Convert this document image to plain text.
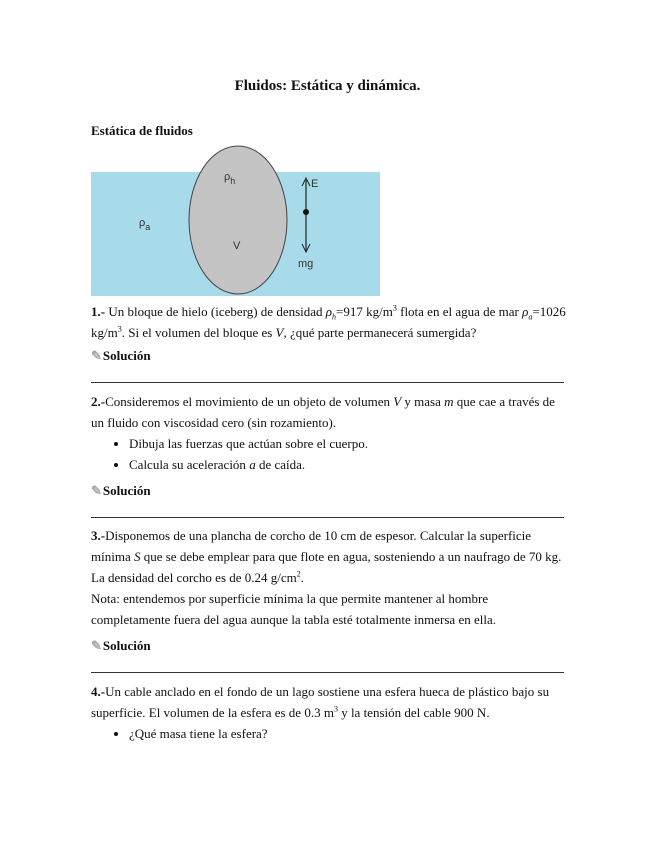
Fluidos: Estática y dinámica.
Estática de fluidos
$\rho_h$
$\rho_a$
V
E
mg

1.- Un bloque de hielo (iceberg) de densidad $\rho_h=917$ $kg/m^3$ flota en el agua de mar $\rho_a=1026$ $kg/m^3$. Si el volumen del bloque es V, ¿qué parte permanecerá sumergida?

✎ Solución
2.-Consideremos el movimiento de un objeto de volumen V y masa m que cae a través de un fluido con viscosidad cero (sin rozamiento).
• Dibuja las fuerzas que actúan sobre el cuerpo.
• Calcula su aceleración a de caída.
✎ Solución
3.-Disponemos de una plancha de corcho de 10 cm de espesor. Calcular la superficie mínima S que se debe emplear para que flote en agua, sosteniendo a un naufrago de 70 kg. La densidad del corcho es de 0.24 $g/cm^2$.
Nota: entendemos por superficie mínima la que permite mantener al hombre completamente fuera del agua aunque la tabla esté totalmente inmersa en ella.
✎ Solución
4.-Un cable anclado en el fondo de un lago sostiene una esfera hueca de plástico bajo su superficie. El volumen de la esfera es de 0.3 $m^3$ y la tensión del cable 900 N.
• ¿Qué masa tiene la esfera?
